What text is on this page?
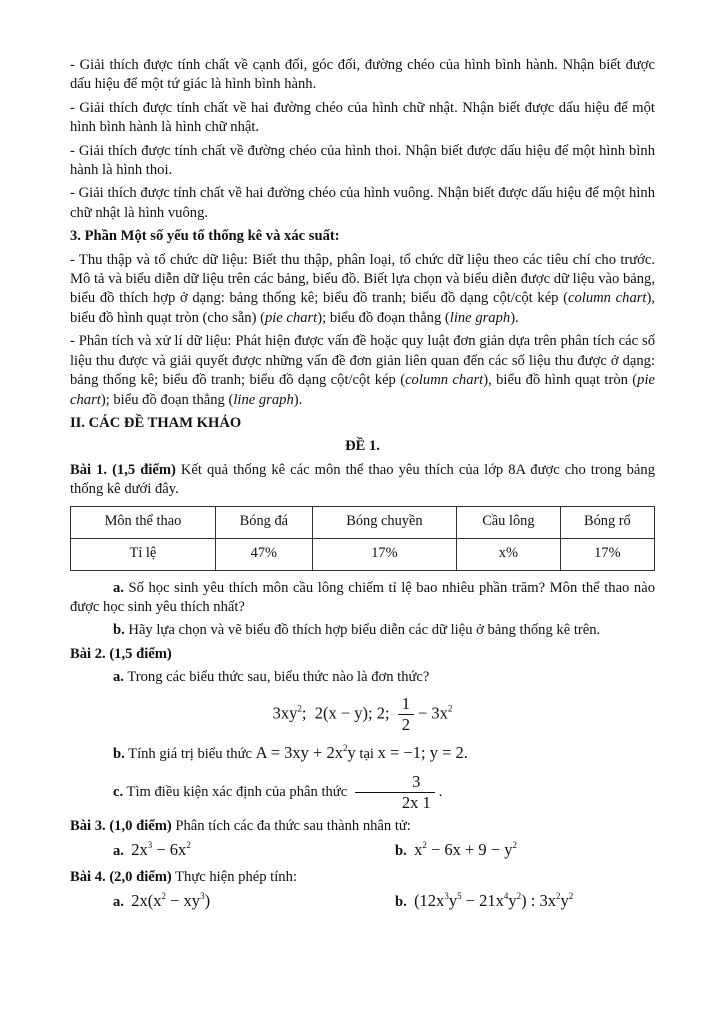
- Giải thích được tính chất về cạnh đối, góc đối, đường chéo của hình bình hành. Nhận biết được dấu hiệu để một tứ giác là hình bình hành.

- Giải thích được tính chất về hai đường chéo của hình chữ nhật. Nhận biết được dấu hiệu để một hình bình hành là hình chữ nhật.

- Giải thích được tính chất về đường chéo của hình thoi. Nhận biết được dấu hiệu để một hình bình hành là hình thoi.

- Giải thích được tính chất về hai đường chéo của hình vuông. Nhận biết được dấu hiệu để một hình chữ nhật là hình vuông.

3. Phần Một số yếu tố thống kê và xác suất:

- Thu thập và tổ chức dữ liệu: Biết thu thập, phân loại, tổ chức dữ liệu theo các tiêu chí cho trước. Mô tả và biểu diễn dữ liệu trên các bảng, biểu đồ. Biết lựa chọn và biểu diễn được dữ liệu vào bảng, biểu đồ thích hợp ở dạng: bảng thống kê; biểu đồ tranh; biểu đồ dạng cột/cột kép (column chart), biểu đồ hình quạt tròn (cho sẵn) (pie chart); biểu đồ đoạn thẳng (line graph).

- Phân tích và xử lí dữ liệu: Phát hiện được vấn đề hoặc quy luật đơn giản dựa trên phân tích các số liệu thu được và giải quyết được những vấn đề đơn giản liên quan đến các số liệu thu được ở dạng: bảng thống kê; biểu đồ tranh; biểu đồ dạng cột/cột kép (column chart), biểu đồ hình quạt tròn (pie chart); biểu đồ đoạn thẳng (line graph).

II. CÁC ĐỀ THAM KHẢO

ĐỀ 1.

Bài 1. (1,5 điểm) Kết quả thống kê các môn thể thao yêu thích của lớp 8A được cho trong bảng thống kê dưới đây.

Môn thể thao	Bóng đá	Bóng chuyền	Cầu lông	Bóng rổ
Tỉ lệ	47%	17%	x%	17%

a. Số học sinh yêu thích môn cầu lông chiếm tỉ lệ bao nhiêu phần trăm? Môn thể thao nào được học sinh yêu thích nhất?

b. Hãy lựa chọn và vẽ biểu đồ thích hợp biểu diễn các dữ liệu ở bảng thống kê trên.

Bài 2. (1,5 điểm)

a. Trong các biểu thức sau, biểu thức nào là đơn thức?

$3xy^2$;  2(x − y); 2; $\frac{1}{2} - 3x^2$

b. Tính giá trị biểu thức $A = 3xy + 2x^2y$ tại x = −1; y = 2.

c. Tìm điều kiện xác định của phân thức $\frac{3}{2x 1}$ .

Bài 3. (1,0 điểm) Phân tích các đa thức sau thành nhân tử:

a. $2x^3 - 6x^2$	b. $x^2 - 6x + 9 - y^2$

Bài 4. (2,0 điểm) Thực hiện phép tính:

a. $2x(x^2 - xy^3)$	b. $(12x^3y^5 - 21x^4y^2)$ : $3x^2y^2$
